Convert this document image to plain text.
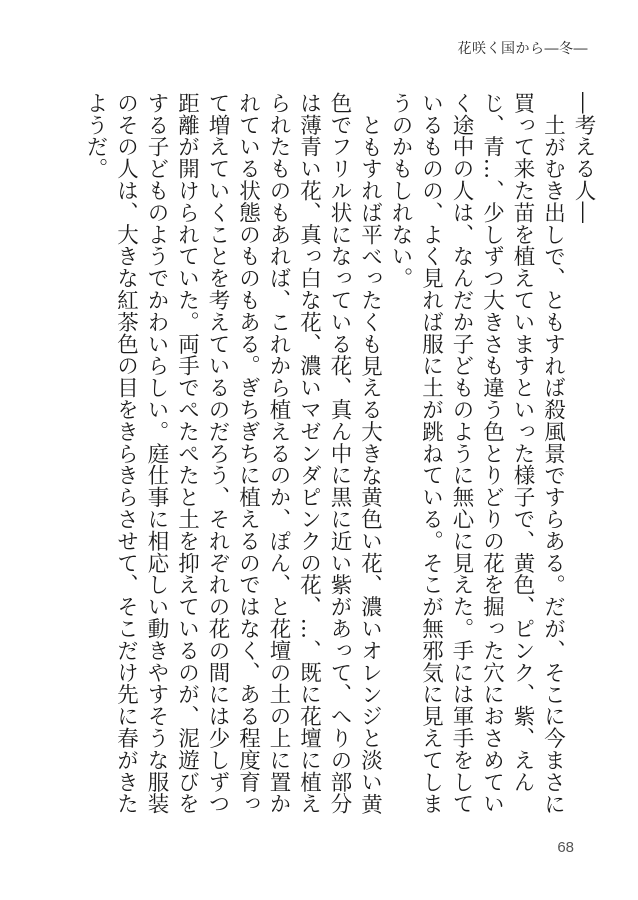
花咲く国から―冬―

―考える人―

土がむき出しで、ともすれば殺風景ですらある。だが、そこに今まさに買って来た苗を植えていますといった様子で、黄色、ピンク、紫、えんじ、青…、少しずつ大きさも違う色とりどりの花を掘った穴におさめていく途中の人は、なんだか子どものように無心に見えた。手には軍手をしているものの、よく見れば服に土が跳ねている。そこが無邪気に見えてしまうのかもしれない。

ともすれば平べったくも見える大きな黄色い花、濃いオレンジと淡い黄色でフリル状になっている花、真ん中に黒に近い紫があって、へりの部分は薄青い花、真っ白な花、濃いマゼンダピンクの花、…、既に花壇に植えられたものもあれば、これから植えるのか、ぽん、と花壇の土の上に置かれている状態のものもある。ぎちぎちに植えるのではなく、ある程度育って増えていくことを考えているのだろう、それぞれの花の間には少しずつ距離が開けられていた。両手でぺたぺたと土を抑えているのが、泥遊びをする子どものようでかわいらしい。庭仕事に相応しい動きやすそうな服装のその人は、大きな紅茶色の目をきらきらさせて、そこだけ先に春がきたようだ。

68
